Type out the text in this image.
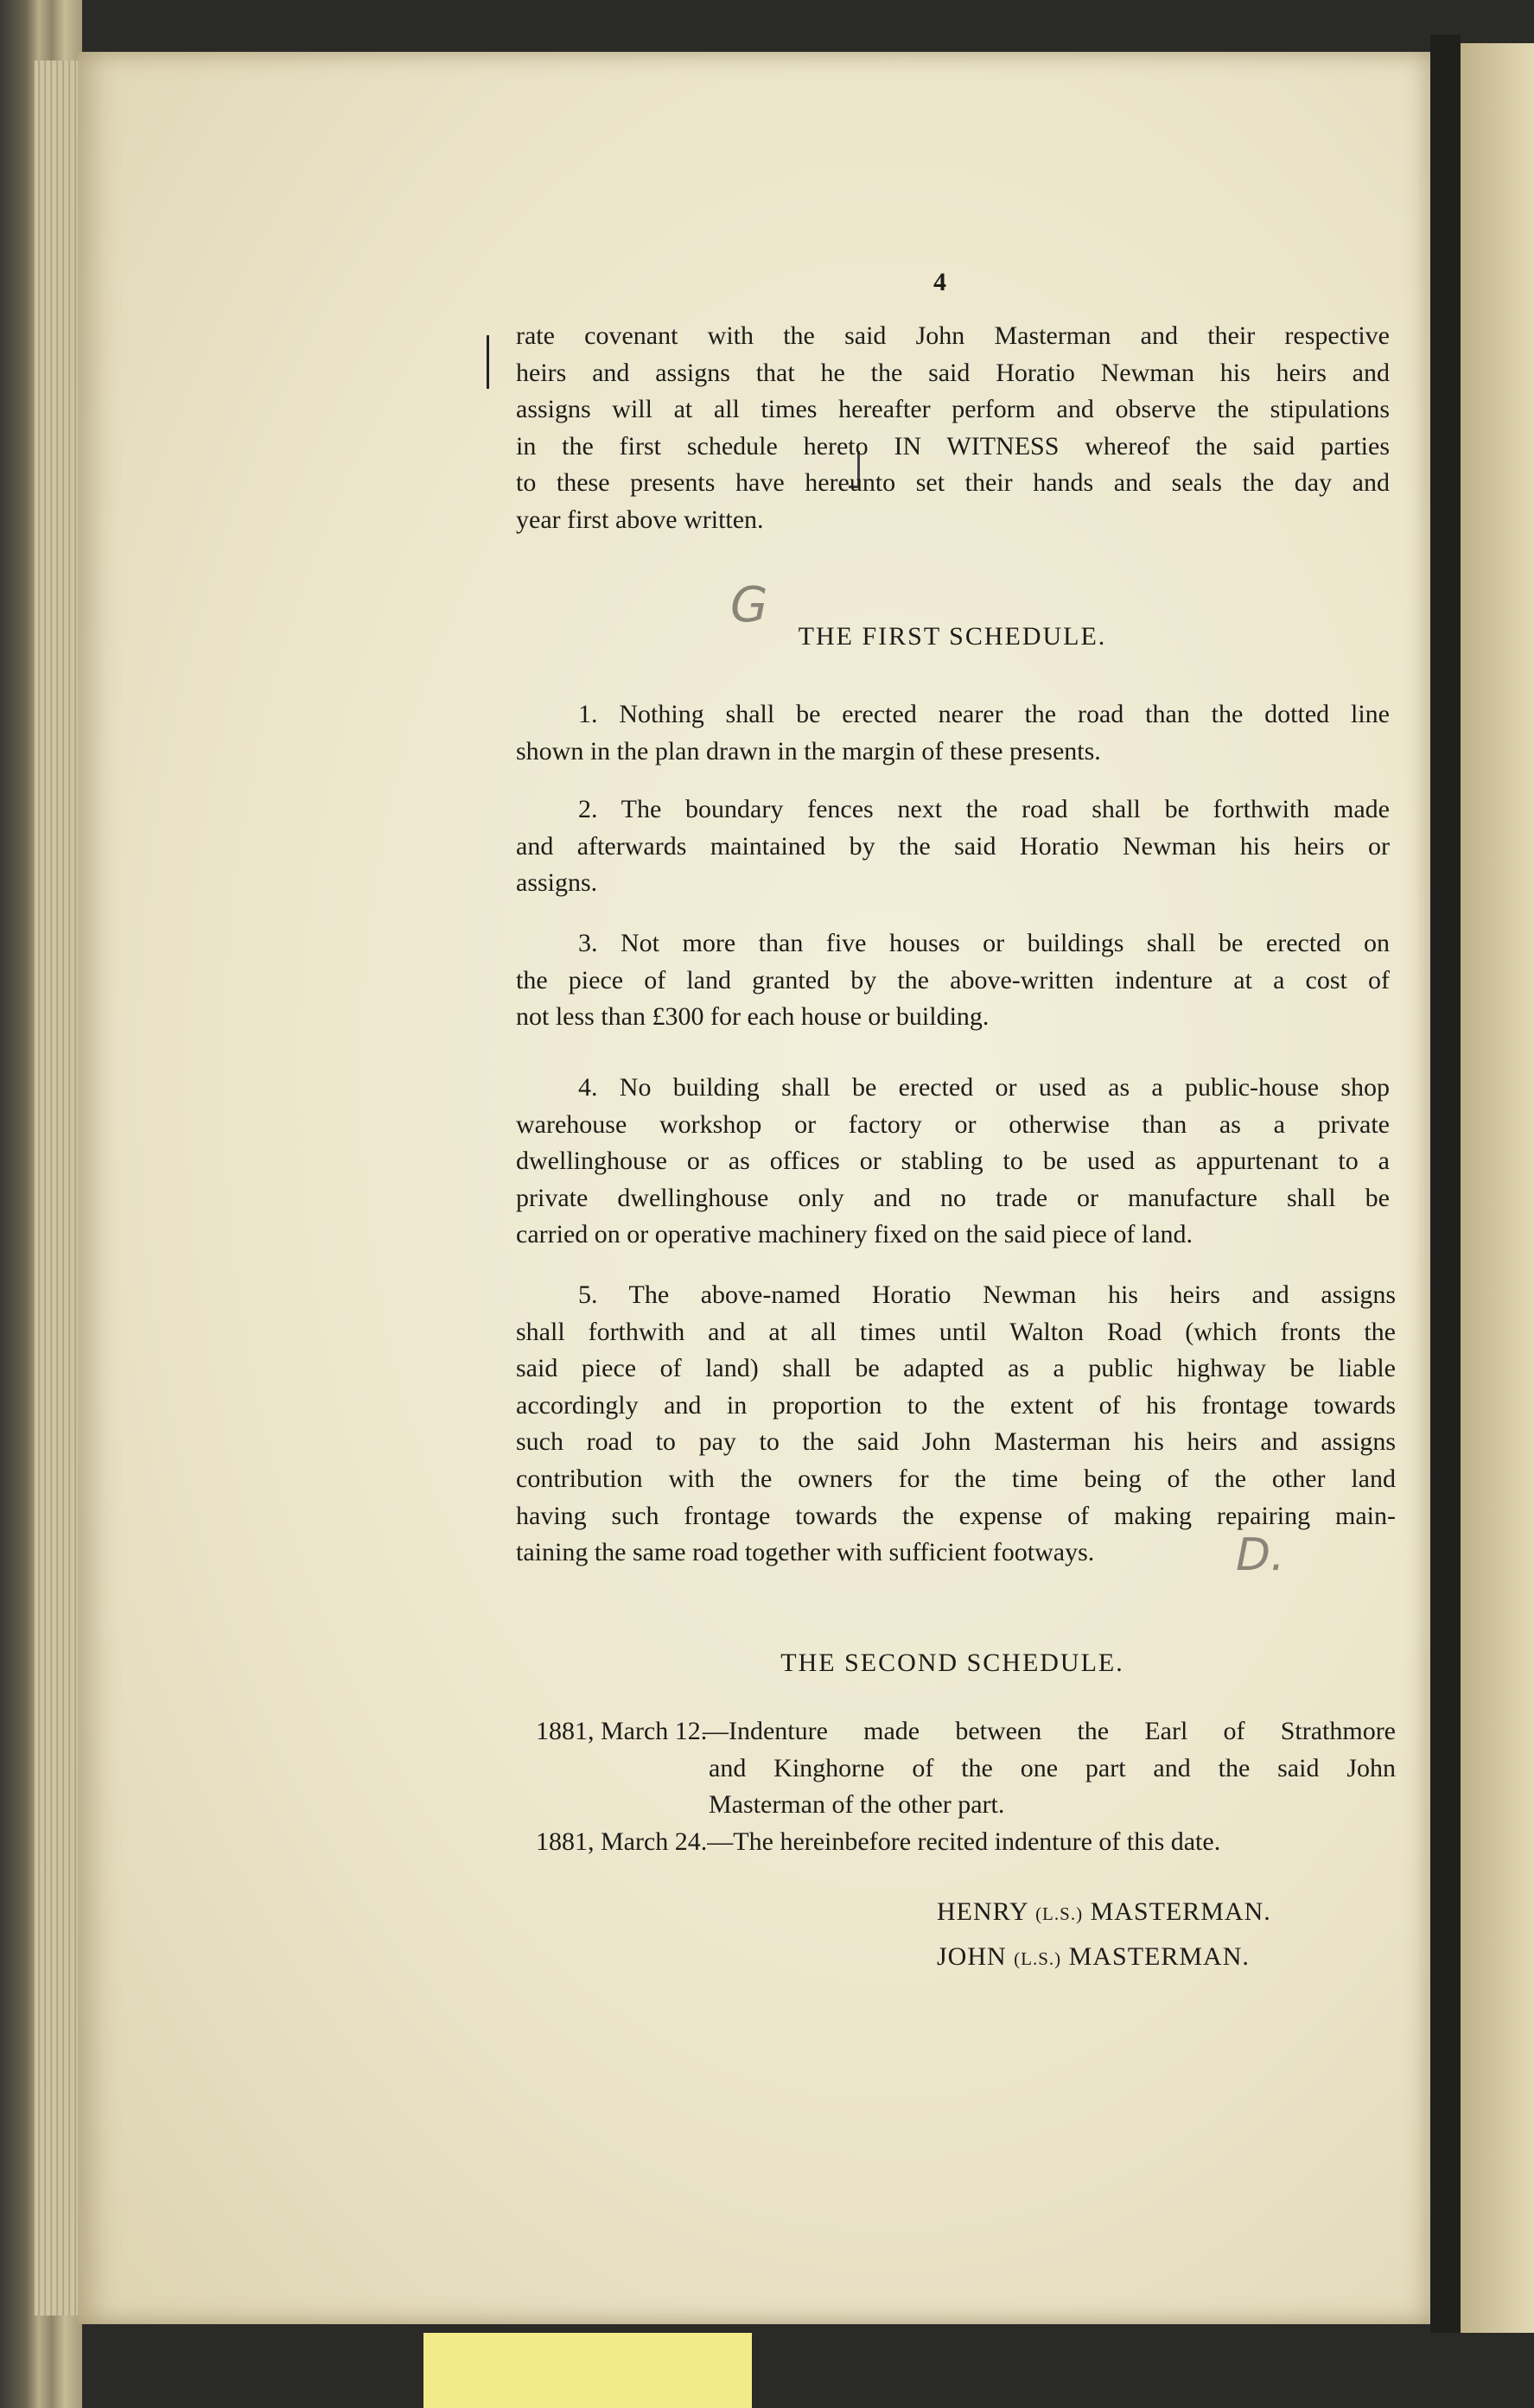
4
rate covenant with the said John Masterman and their respective
heirs and assigns that he the said Horatio Newman his heirs and
assigns will at all times hereafter perform and observe the stipulations
in the first schedule hereto IN WITNESS whereof the said parties
to these presents have hereunto set their hands and seals the day and
year first above written.
G
THE FIRST SCHEDULE.
1. Nothing shall be erected nearer the road than the dotted line
shown in the plan drawn in the margin of these presents.
2. The boundary fences next the road shall be forthwith made
and afterwards maintained by the said Horatio Newman his heirs or
assigns.
3. Not more than five houses or buildings shall be erected on
the piece of land granted by the above-written indenture at a cost of
not less than £300 for each house or building.
4. No building shall be erected or used as a public-house shop
warehouse workshop or factory or otherwise than as a private
dwellinghouse or as offices or stabling to be used as appurtenant to a
private dwellinghouse only and no trade or manufacture shall be
carried on or operative machinery fixed on the said piece of land.
5. The above-named Horatio Newman his heirs and assigns
shall forthwith and at all times until Walton Road (which fronts the
said piece of land) shall be adapted as a public highway be liable
accordingly and in proportion to the extent of his frontage towards
such road to pay to the said John Masterman his heirs and assigns
contribution with the owners for the time being of the other land
having such frontage towards the expense of making repairing main-
taining the same road together with sufficient footways.	D.
THE SECOND SCHEDULE.
1881, March 12.
—Indenture made between the Earl of Strathmore
and Kinghorne of the one part and the said John
Masterman of the other part.
1881, March 24.—The hereinbefore recited indenture of this date.
HENRY (L.S.) MASTERMAN.
JOHN (L.S.) MASTERMAN.
